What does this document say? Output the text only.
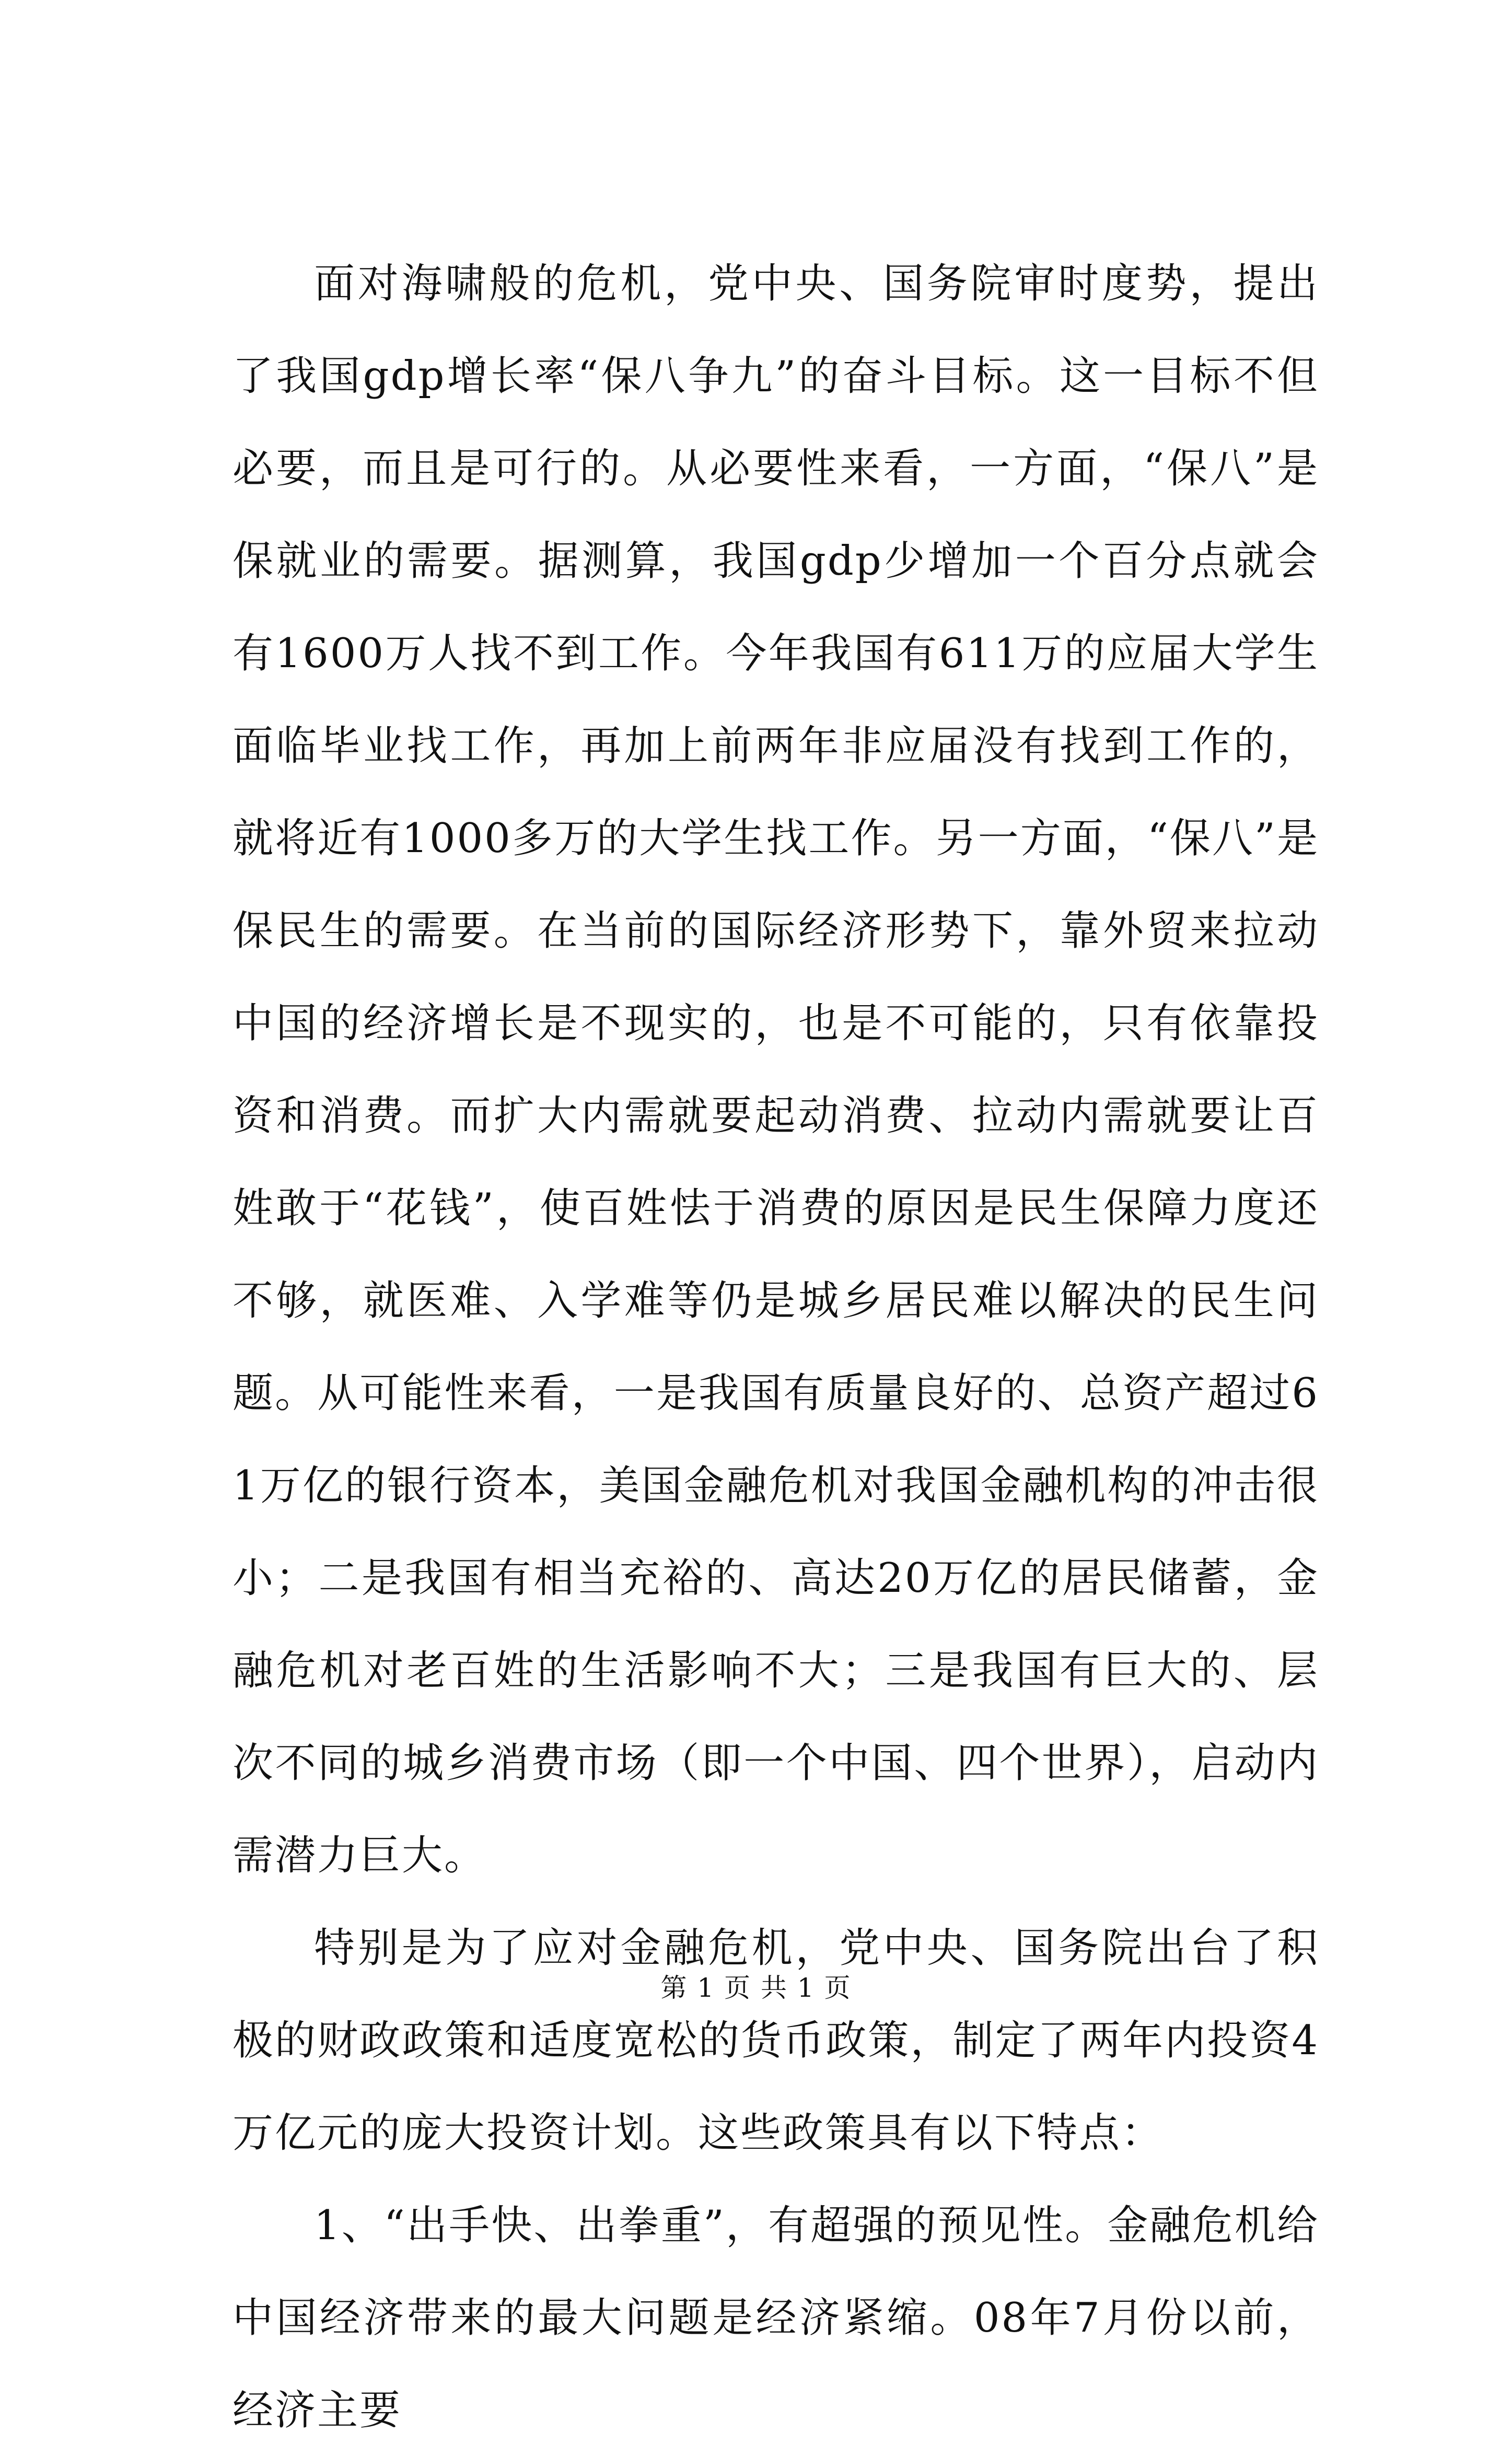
面对海啸般的危机，党中央、国务院审时度势，提出了我国gdp增长率“保八争九”的奋斗目标。这一目标不但必要，而且是可行的。从必要性来看，一方面，“保八”是保就业的需要。据测算，我国gdp少增加一个百分点就会有1600万人找不到工作。今年我国有611万的应届大学生面临毕业找工作，再加上前两年非应届没有找到工作的，就将近有1000多万的大学生找工作。另一方面，“保八”是保民生的需要。在当前的国际经济形势下，靠外贸来拉动中国的经济增长是不现实的，也是不可能的，只有依靠投资和消费。而扩大内需就要起动消费、拉动内需就要让百姓敢于“花钱”，使百姓怯于消费的原因是民生保障力度还不够，就医难、入学难等仍是城乡居民难以解决的民生问题。从可能性来看，一是我国有质量良好的、总资产超过61万亿的银行资本，美国金融危机对我国金融机构的冲击很小；二是我国有相当充裕的、高达20万亿的居民储蓄，金融危机对老百姓的生活影响不大；三是我国有巨大的、层次不同的城乡消费市场（即一个中国、四个世界），启动内需潜力巨大。

特别是为了应对金融危机，党中央、国务院出台了积极的财政政策和适度宽松的货币政策，制定了两年内投资4万亿元的庞大投资计划。这些政策具有以下特点：

1、“出手快、出拳重”，有超强的预见性。金融危机给中国经济带来的最大问题是经济紧缩。08年7月份以前，经济主要

第 1 页 共 1 页
